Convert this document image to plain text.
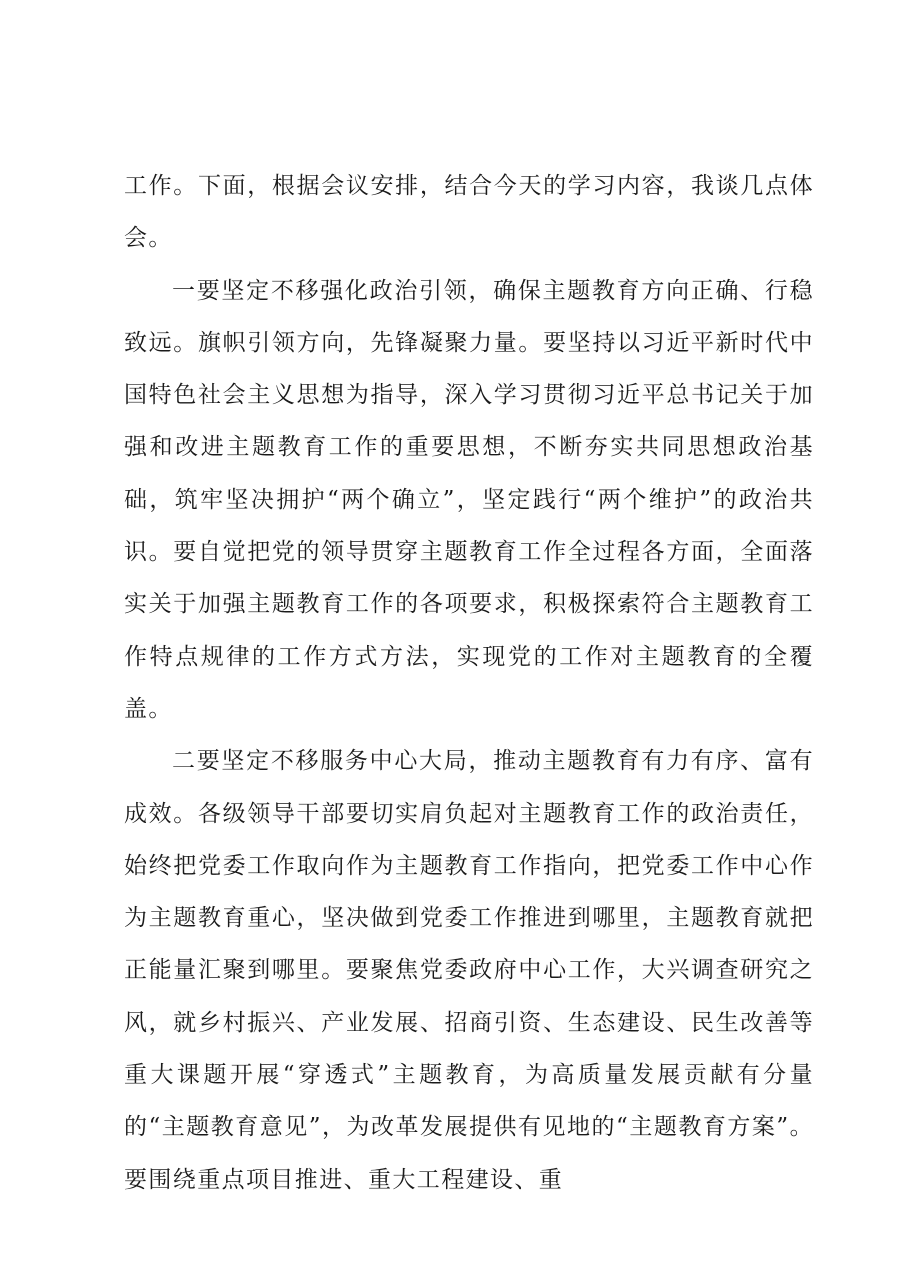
工作。下面，根据会议安排，结合今天的学习内容，我谈几点体会。

一要坚定不移强化政治引领，确保主题教育方向正确、行稳致远。旗帜引领方向，先锋凝聚力量。要坚持以习近平新时代中国特色社会主义思想为指导，深入学习贯彻习近平总书记关于加强和改进主题教育工作的重要思想，不断夯实共同思想政治基础，筑牢坚决拥护“两个确立”，坚定践行“两个维护”的政治共识。要自觉把党的领导贯穿主题教育工作全过程各方面，全面落实关于加强主题教育工作的各项要求，积极探索符合主题教育工作特点规律的工作方式方法，实现党的工作对主题教育的全覆盖。

二要坚定不移服务中心大局，推动主题教育有力有序、富有成效。各级领导干部要切实肩负起对主题教育工作的政治责任，始终把党委工作取向作为主题教育工作指向，把党委工作中心作为主题教育重心，坚决做到党委工作推进到哪里，主题教育就把正能量汇聚到哪里。要聚焦党委政府中心工作，大兴调查研究之风，就乡村振兴、产业发展、招商引资、生态建设、民生改善等重大课题开展“穿透式”主题教育，为高质量发展贡献有分量的“主题教育意见”，为改革发展提供有见地的“主题教育方案”。要围绕重点项目推进、重大工程建设、重
